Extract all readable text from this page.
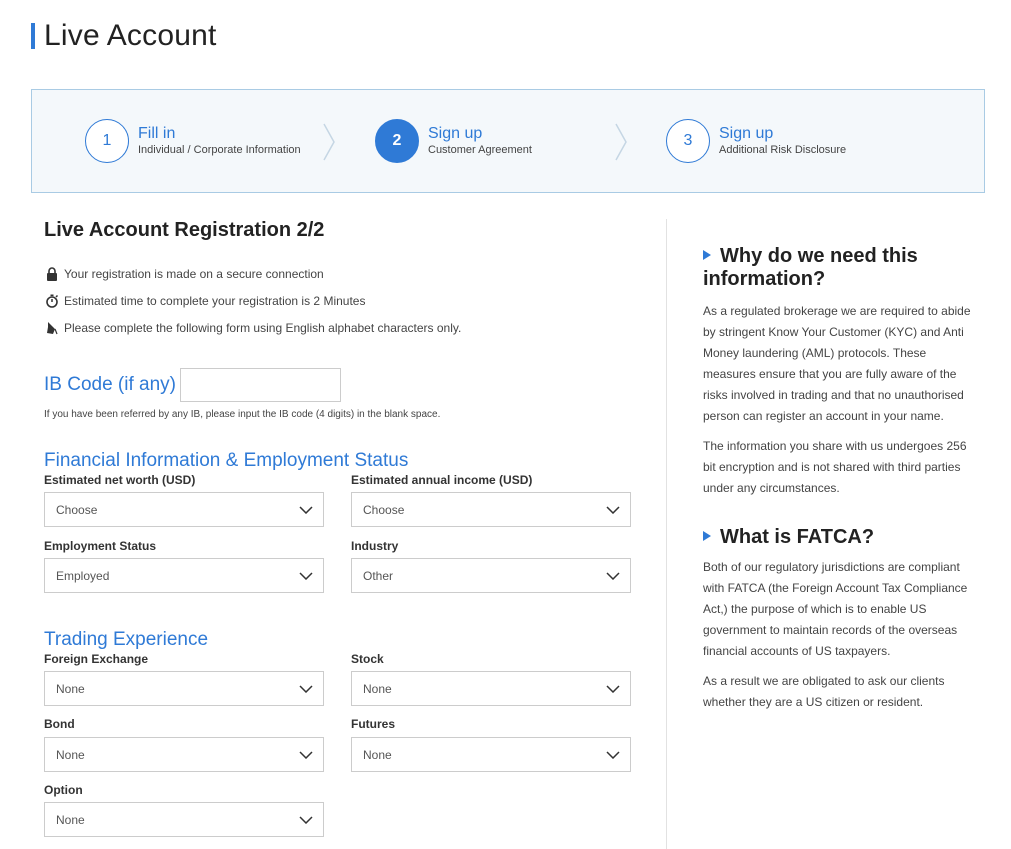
Live Account
1	Fill in
Individual / Corporate Information
2	Sign up
Customer Agreement
3	Sign up
Additional Risk Disclosure
Live Account Registration 2/2
Your registration is made on a secure connection
Estimated time to complete your registration is 2 Minutes
Please complete the following form using English alphabet characters only.
IB Code (if any)
If you have been referred by any IB, please input the IB code (4 digits) in the blank space.
Financial Information & Employment Status
Estimated net worth (USD)
Choose
Estimated annual income (USD)
Choose
Employment Status
Employed
Industry
Other
Trading Experience
Foreign Exchange
None
Stock
None
Bond
None
Futures
None
Option
None
Why do we need this information?

As a regulated brokerage we are required to abide by stringent Know Your Customer (KYC) and Anti Money laundering (AML) protocols. These measures ensure that you are fully aware of the risks involved in trading and that no unauthorised person can register an account in your name.

The information you share with us undergoes 256 bit encryption and is not shared with third parties under any circumstances.

What is FATCA?

Both of our regulatory jurisdictions are compliant with FATCA (the Foreign Account Tax Compliance Act,) the purpose of which is to enable US government to maintain records of the overseas financial accounts of US taxpayers.

As a result we are obligated to ask our clients whether they are a US citizen or resident.
